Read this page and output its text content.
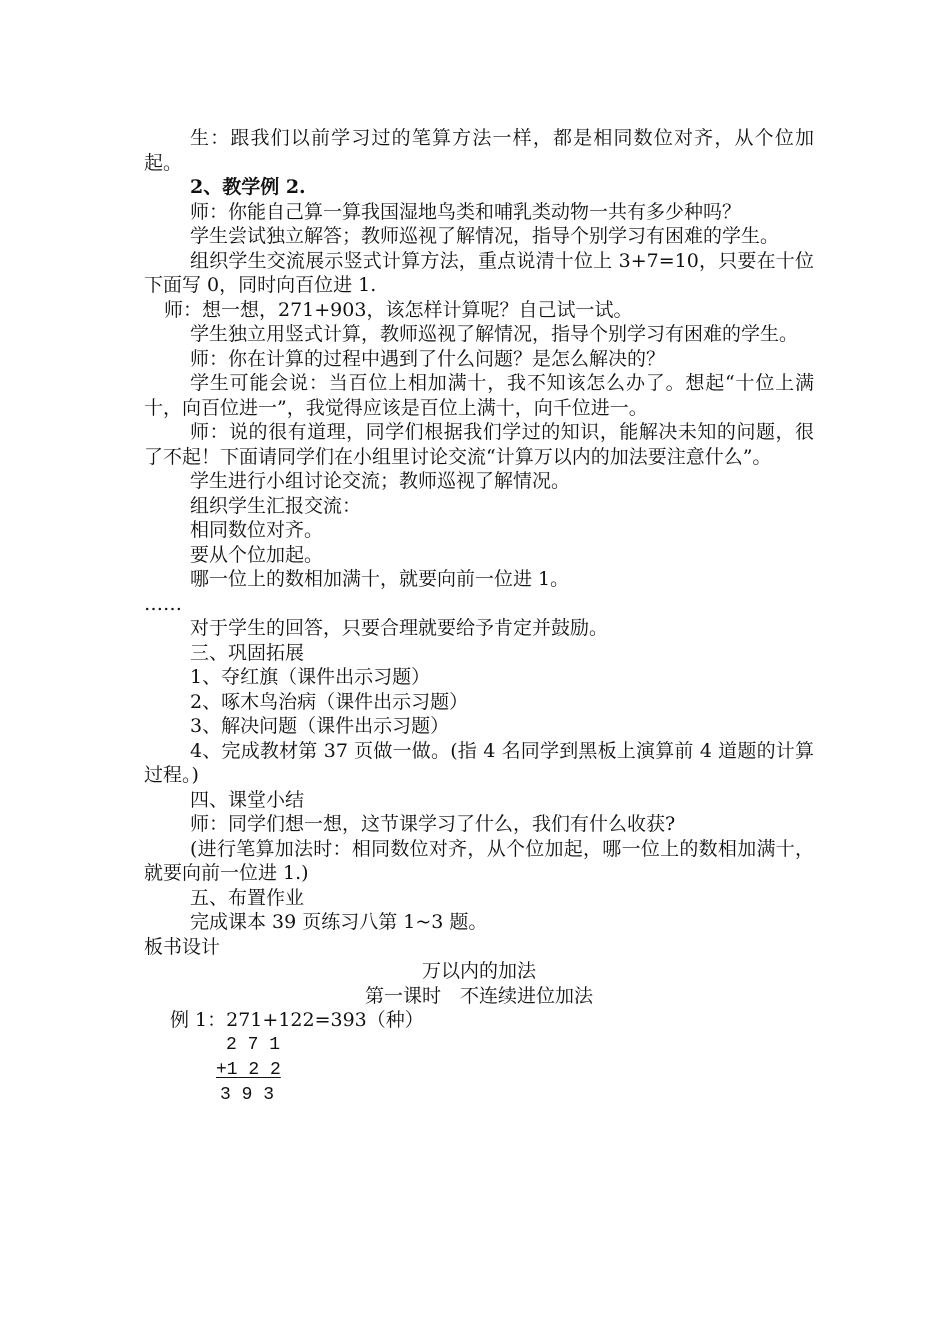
生：跟我们以前学习过的笔算方法一样，都是相同数位对齐，从个位加起。

2、教学例 2.

师：你能自己算一算我国湿地鸟类和哺乳类动物一共有多少种吗？

学生尝试独立解答；教师巡视了解情况，指导个别学习有困难的学生。

组织学生交流展示竖式计算方法，重点说清十位上 3+7=10，只要在十位下面写 0，同时向百位进 1.

师：想一想，271+903，该怎样计算呢？自己试一试。

学生独立用竖式计算，教师巡视了解情况，指导个别学习有困难的学生。

师：你在计算的过程中遇到了什么问题？是怎么解决的？

学生可能会说：当百位上相加满十，我不知该怎么办了。想起“十位上满十，向百位进一”，我觉得应该是百位上满十，向千位进一。

师：说的很有道理，同学们根据我们学过的知识，能解决未知的问题，很了不起！下面请同学们在小组里讨论交流“计算万以内的加法要注意什么”。

学生进行小组讨论交流；教师巡视了解情况。

组织学生汇报交流：

相同数位对齐。

要从个位加起。

哪一位上的数相加满十，就要向前一位进 1。

……

对于学生的回答，只要合理就要给予肯定并鼓励。

三、巩固拓展

1、夺红旗（课件出示习题）

2、啄木鸟治病（课件出示习题）

3、解决问题（课件出示习题）

4、完成教材第 37 页做一做。(指 4 名同学到黑板上演算前 4 道题的计算过程。)

四、课堂小结

师：同学们想一想，这节课学习了什么，我们有什么收获?

(进行笔算加法时：相同数位对齐，从个位加起，哪一位上的数相加满十，就要向前一位进 1.)

五、布置作业

完成课本 39 页练习八第 1~3 题。

板书设计

万以内的加法

第一课时　不连续进位加法

例 1：271+122=393（种）

2 7 1

+1 2 2

3 9 3
